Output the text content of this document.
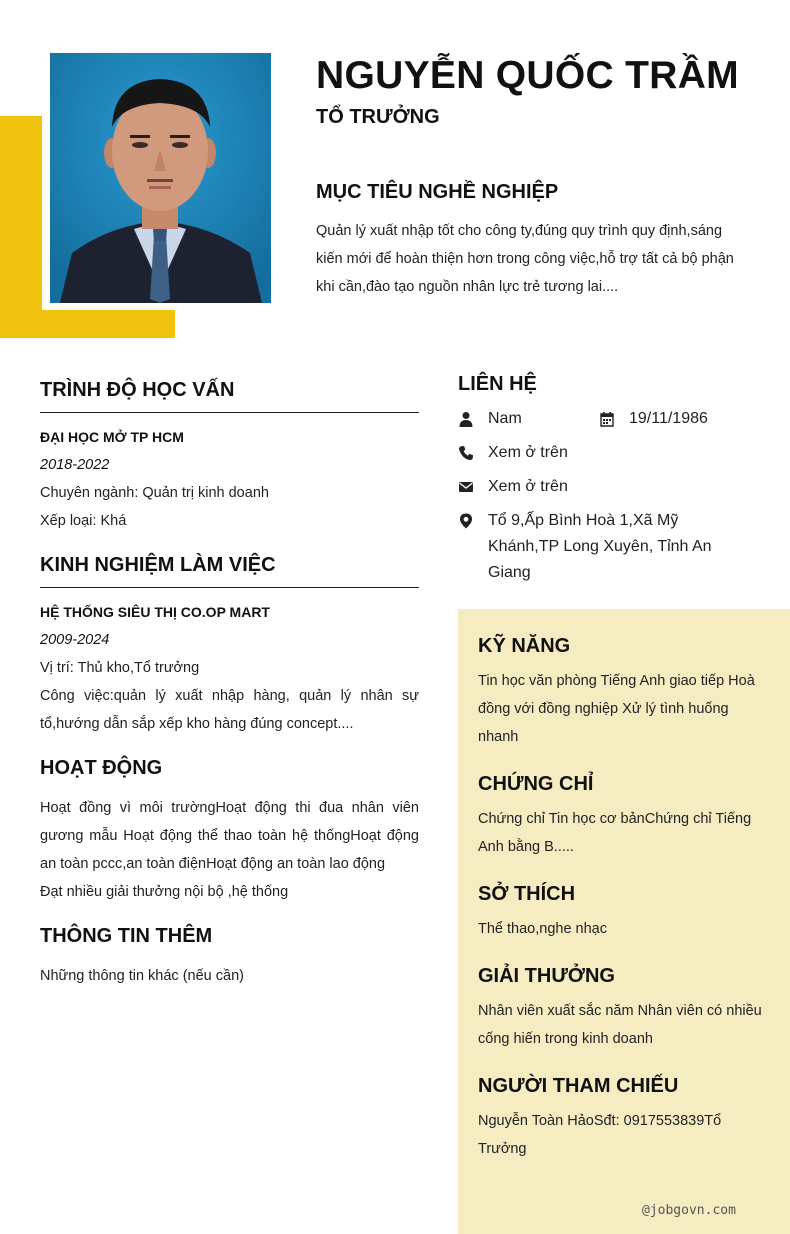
NGUYỄN QUỐC TRẦM
TỔ TRƯỞNG
MỤC TIÊU NGHỀ NGHIỆP
Quản lý xuất nhập tốt cho công ty,đúng quy trình quy định,sáng kiến mới để hoàn thiện hơn trong công việc,hỗ trợ tất cả bộ phận khi cần,đào tạo nguồn nhân lực trẻ tương lai....
TRÌNH ĐỘ HỌC VẤN
ĐẠI HỌC MỞ TP HCM
2018-2022
Chuyên ngành: Quản trị kinh doanh
Xếp loại: Khá
KINH NGHIỆM LÀM VIỆC
HỆ THỐNG SIÊU THỊ CO.OP MART
2009-2024
Vị trí: Thủ kho,Tổ trưởng
Công việc:quản lý xuất nhập hàng, quản lý nhân sự tổ,hướng dẫn sắp xếp kho hàng đúng concept....
HOẠT ĐỘNG
Hoạt đồng vì môi trườngHoạt động thi đua nhân viên gương mẫu Hoạt động thể thao toàn hệ thốngHoạt động an toàn pccc,an toàn điệnHoạt động an toàn lao động
Đạt nhiều giải thưởng nội bộ ,hệ thống
THÔNG TIN THÊM
Những thông tin khác (nếu cần)
LIÊN HỆ
Nam	19/11/1986
Xem ở trên
Xem ở trên
Tổ 9,Ấp Bình Hoà 1,Xã Mỹ Khánh,TP Long Xuyên, Tỉnh An Giang
KỸ NĂNG
Tin học văn phòng Tiếng Anh giao tiếp Hoà đồng với đồng nghiệp Xử lý tình huống nhanh
CHỨNG CHỈ
Chứng chỉ Tin học cơ bảnChứng chỉ Tiếng Anh bằng B.....
SỞ THÍCH
Thể thao,nghe nhạc
GIẢI THƯỞNG
Nhân viên xuất sắc năm Nhân viên có nhiều cống hiến trong kinh doanh
NGƯỜI THAM CHIẾU
Nguyễn Toàn HảoSđt: 0917553839Tổ Trưởng
@jobgovn.com
